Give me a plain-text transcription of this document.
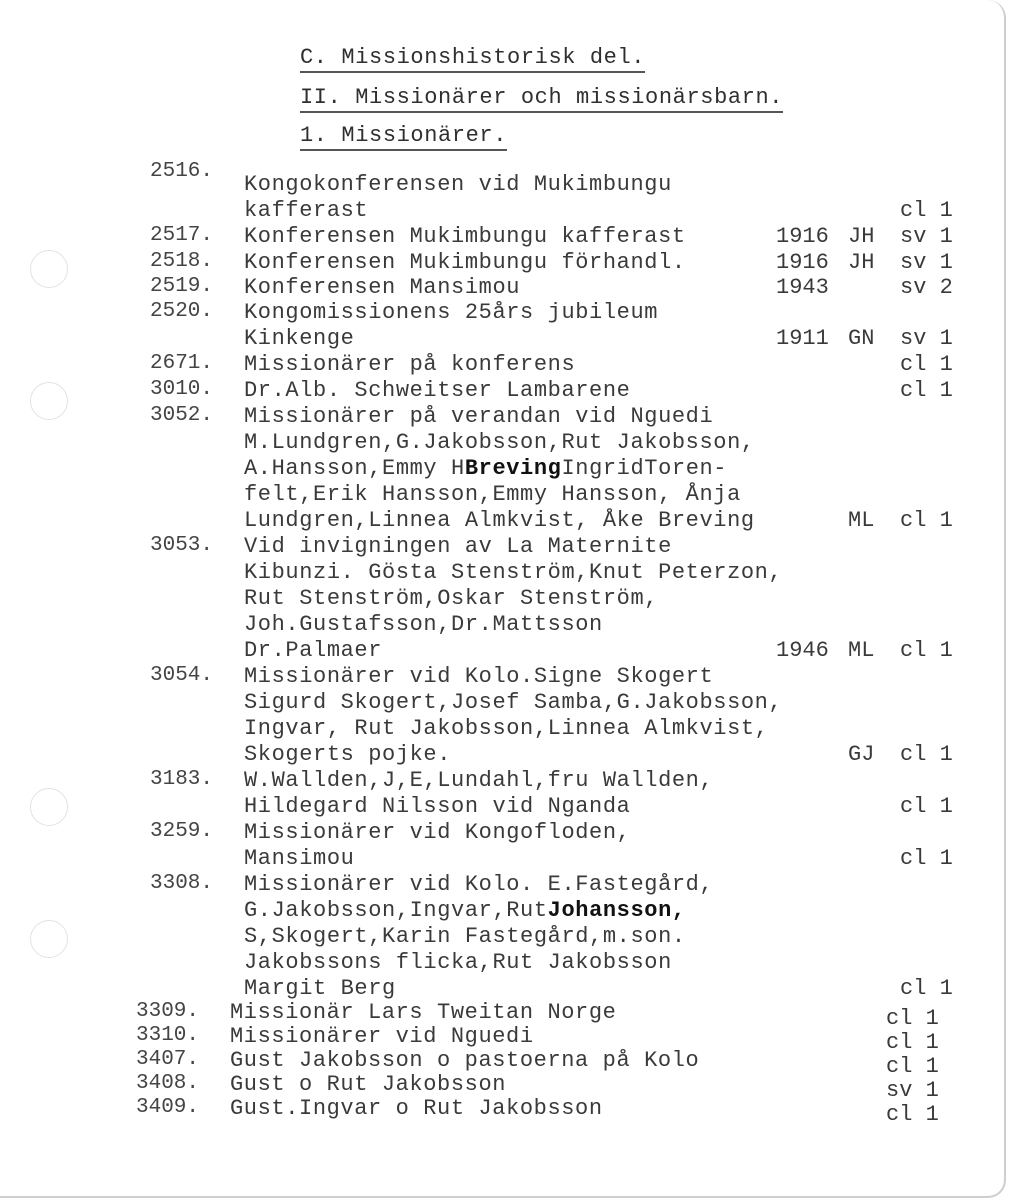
C. Missionshistorisk del.
II. Missionärer och missionärsbarn.
1. Missionärer.
2516.
Kongokonferensen vid Mukimbungu
kafferast	cl 1
2517. Konferensen Mukimbungu kafferast	1916 JH sv 1
2518. Konferensen Mukimbungu förhandl.	1916 JH sv 1
2519. Konferensen Mansimou	1943	sv 2
2520. Kongomissionens 25års jubileum
Kinkenge	1911 GN sv 1
2671. Missionärer på konferens	cl 1
3010. Dr.Alb. Schweitser Lambarene	cl 1
3052. Missionärer på verandan vid Nguedi
M.Lundgren,G.Jakobsson,Rut Jakobsson,
A.Hansson,Emmy HBrevingIngridToren-
felt,Erik Hansson,Emmy Hansson, Ånja
Lundgren,Linnea Almkvist, Åke Breving	ML cl 1
3053. Vid invigningen av La Maternite
Kibunzi. Gösta Stenström,Knut Peterzon,
Rut Stenström,Oskar Stenström,
Joh.Gustafsson,Dr.Mattsson
Dr.Palmaer	1946 ML cl 1
3054. Missionärer vid Kolo.Signe Skogert
Sigurd Skogert,Josef Samba,G.Jakobsson,
Ingvar, Rut Jakobsson,Linnea Almkvist,
Skogerts pojke.	GJ cl 1
3183. W.Wallden,J,E,Lundahl,fru Wallden,
Hildegard Nilsson vid Nganda	cl 1
3259. Missionärer vid Kongofloden,
Mansimou	cl 1
3308. Missionärer vid Kolo. E.Fastegård,
G.Jakobsson,Ingvar,RutJohansson,
S,Skogert,Karin Fastegård,m.son.
Jakobssons flicka,Rut Jakobsson
Margit Berg	cl 1
3309. Missionär Lars Tweitan Norge	cl 1
3310. Missionärer vid Nguedi	cl 1
3407. Gust Jakobsson o pastoerna på Kolo	cl 1
3408. Gust o Rut Jakobsson	sv 1
3409. Gust.Ingvar o Rut Jakobsson	cl 1
